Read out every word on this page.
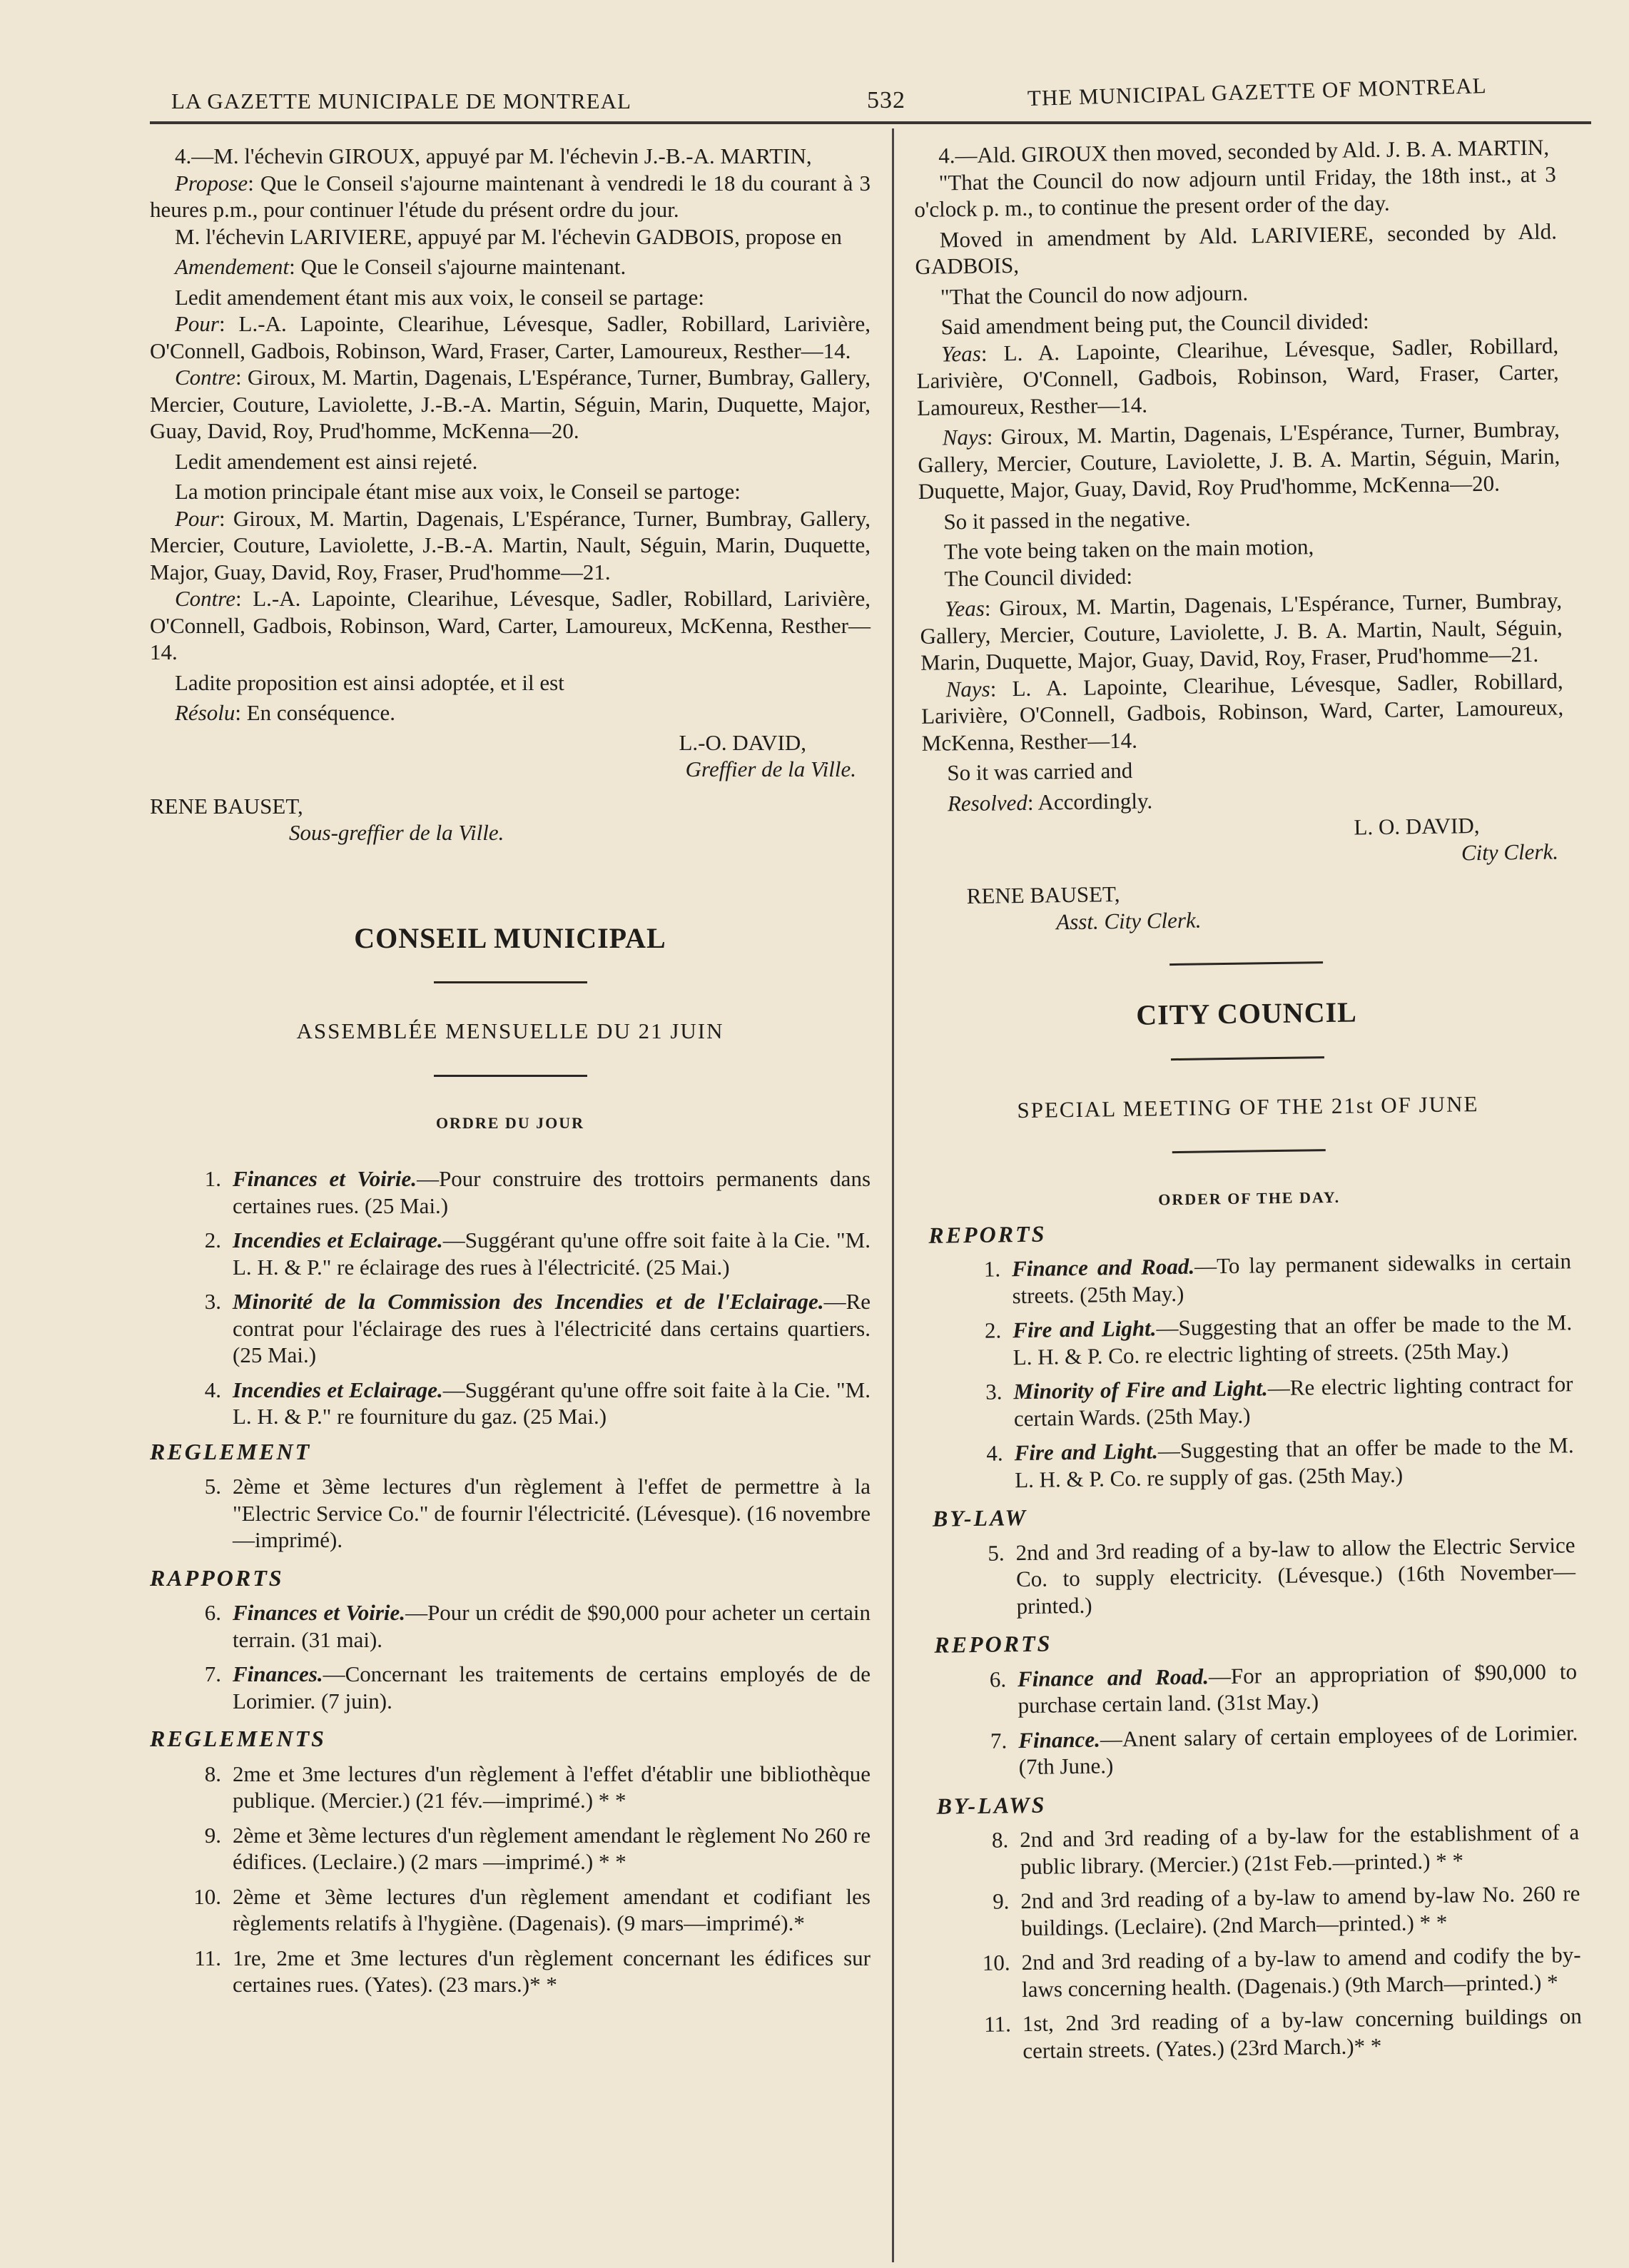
LA GAZETTE MUNICIPALE DE MONTREAL	532	THE MUNICIPAL GAZETTE OF MONTREAL

4.—M. l'échevin GIROUX, appuyé par M. l'échevin J.-B.-A. MARTIN,

Propose: Que le Conseil s'ajourne maintenant à vendredi le 18 du courant à 3 heures p.m., pour continuer l'étude du présent ordre du jour.

M. l'échevin LARIVIERE, appuyé par M. l'échevin GADBOIS, propose en

Amendement: Que le Conseil s'ajourne maintenant.

Ledit amendement étant mis aux voix, le conseil se partage:

Pour: L.-A. Lapointe, Clearihue, Lévesque, Sadler, Robillard, Larivière, O'Connell, Gadbois, Robinson, Ward, Fraser, Carter, Lamoureux, Resther—14.

Contre: Giroux, M. Martin, Dagenais, L'Espérance, Turner, Bumbray, Gallery, Mercier, Couture, Laviolette, J.-B.-A. Martin, Séguin, Marin, Duquette, Major, Guay, David, Roy, Prud'homme, McKenna—20.

Ledit amendement est ainsi rejeté.

La motion principale étant mise aux voix, le Conseil se partoge:

Pour: Giroux, M. Martin, Dagenais, L'Espérance, Turner, Bumbray, Gallery, Mercier, Couture, Laviolette, J.-B.-A. Martin, Nault, Séguin, Marin, Duquette, Major, Guay, David, Roy, Fraser, Prud'homme—21.

Contre: L.-A. Lapointe, Clearihue, Lévesque, Sadler, Robillard, Larivière, O'Connell, Gadbois, Robinson, Ward, Carter, Lamoureux, McKenna, Resther—14.

Ladite proposition est ainsi adoptée, et il est

Résolu: En conséquence.

L.-O. DAVID,

Greffier de la Ville.

RENE BAUSET,

Sous-greffier de la Ville.

CONSEIL MUNICIPAL
ASSEMBLÉE MENSUELLE DU 21 JUIN
ORDRE DU JOUR
1. Finances et Voirie.—Pour construire des trottoirs permanents dans certaines rues. (25 Mai.)
2. Incendies et Eclairage.—Suggérant qu'une offre soit faite à la Cie. "M. L. H. & P." re éclairage des rues à l'électricité. (25 Mai.)
3. Minorité de la Commission des Incendies et de l'Eclairage.—Re contrat pour l'éclairage des rues à l'électricité dans certains quartiers. (25 Mai.)
4. Incendies et Eclairage.—Suggérant qu'une offre soit faite à la Cie. "M. L. H. & P." re fourniture du gaz. (25 Mai.)
REGLEMENT
5. 2ème et 3ème lectures d'un règlement à l'effet de permettre à la "Electric Service Co." de fournir l'électricité. (Lévesque). (16 novembre—imprimé).
RAPPORTS
6. Finances et Voirie.—Pour un crédit de $90,000 pour acheter un certain terrain. (31 mai).
7. Finances.—Concernant les traitements de certains employés de de Lorimier. (7 juin).
REGLEMENTS
8. 2me et 3me lectures d'un règlement à l'effet d'établir une bibliothèque publique. (Mercier.) (21 fév.—imprimé.) * *
9. 2ème et 3ème lectures d'un règlement amendant le règlement No 260 re édifices. (Leclaire.) (2 mars —imprimé.) * *
10. 2ème et 3ème lectures d'un règlement amendant et codifiant les règlements relatifs à l'hygiène. (Dagenais). (9 mars—imprimé).*
11. 1re, 2me et 3me lectures d'un règlement concernant les édifices sur certaines rues. (Yates). (23 mars.)* *

4.—Ald. GIROUX then moved, seconded by Ald. J. B. A. MARTIN,

"That the Council do now adjourn until Friday, the 18th inst., at 3 o'clock p. m., to continue the present order of the day.

Moved in amendment by Ald. LARIVIERE, seconded by Ald. GADBOIS,

"That the Council do now adjourn.

Said amendment being put, the Council divided:

Yeas: L. A. Lapointe, Clearihue, Lévesque, Sadler, Robillard, Larivière, O'Connell, Gadbois, Robinson, Ward, Fraser, Carter, Lamoureux, Resther—14.

Nays: Giroux, M. Martin, Dagenais, L'Espérance, Turner, Bumbray, Gallery, Mercier, Couture, Laviolette, J. B. A. Martin, Séguin, Marin, Duquette, Major, Guay, David, Roy Prud'homme, McKenna—20.

So it passed in the negative.

The vote being taken on the main motion,

The Council divided:

Yeas: Giroux, M. Martin, Dagenais, L'Espérance, Turner, Bumbray, Gallery, Mercier, Couture, Laviolette, J. B. A. Martin, Nault, Séguin, Marin, Duquette, Major, Guay, David, Roy, Fraser, Prud'homme—21.

Nays: L. A. Lapointe, Clearihue, Lévesque, Sadler, Robillard, Larivière, O'Connell, Gadbois, Robinson, Ward, Carter, Lamoureux, McKenna, Resther—14.

So it was carried and

Resolved: Accordingly.

L. O. DAVID,

City Clerk.

RENE BAUSET,

Asst. City Clerk.

CITY COUNCIL
SPECIAL MEETING OF THE 21st OF JUNE
ORDER OF THE DAY.
REPORTS
1. Finance and Road.—To lay permanent sidewalks in certain streets. (25th May.)
2. Fire and Light.—Suggesting that an offer be made to the M. L. H. & P. Co. re electric lighting of streets. (25th May.)
3. Minority of Fire and Light.—Re electric lighting contract for certain Wards. (25th May.)
4. Fire and Light.—Suggesting that an offer be made to the M. L. H. & P. Co. re supply of gas. (25th May.)
BY-LAW
5. 2nd and 3rd reading of a by-law to allow the Electric Service Co. to supply electricity. (Lévesque.) (16th November—printed.)
REPORTS
6. Finance and Road.—For an appropriation of $90,000 to purchase certain land. (31st May.)
7. Finance.—Anent salary of certain employees of de Lorimier. (7th June.)
BY-LAWS
8. 2nd and 3rd reading of a by-law for the establishment of a public library. (Mercier.) (21st Feb.—printed.) * *
9. 2nd and 3rd reading of a by-law to amend by-law No. 260 re buildings. (Leclaire). (2nd March—printed.) * *
10. 2nd and 3rd reading of a by-law to amend and codify the by-laws concerning health. (Dagenais.) (9th March—printed.) *
11. 1st, 2nd 3rd reading of a by-law concerning buildings on certain streets. (Yates.) (23rd March.)* *
